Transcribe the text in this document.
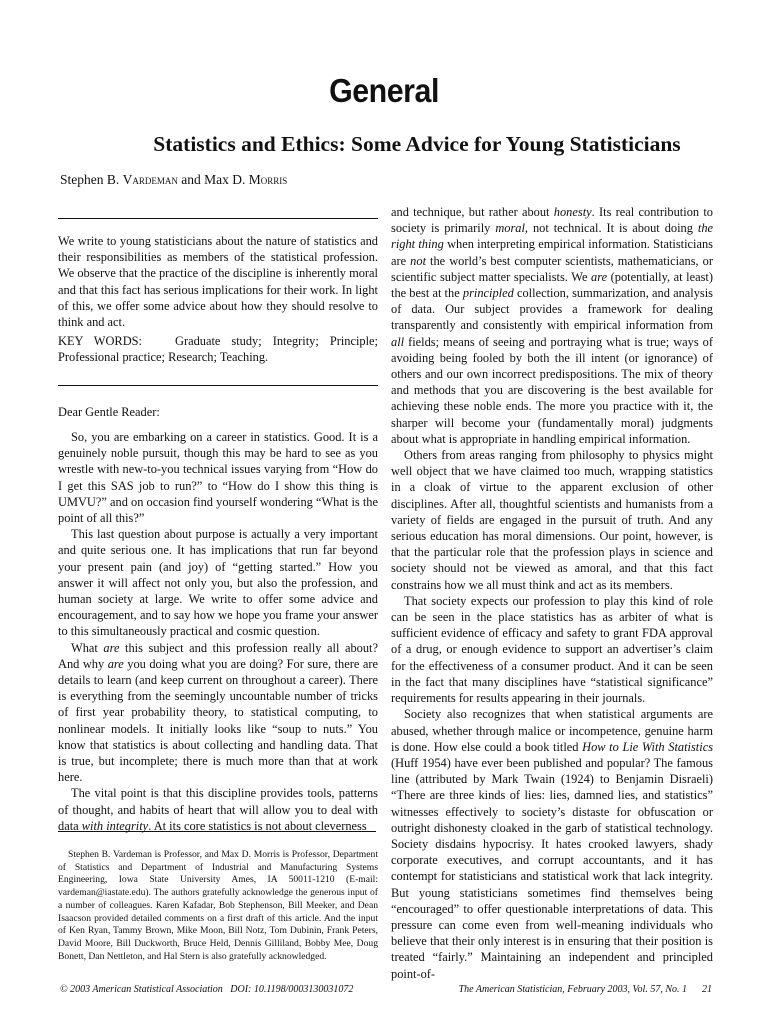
General
Statistics and Ethics: Some Advice for Young Statisticians
Stephen B. Vardeman and Max D. Morris

We write to young statisticians about the nature of statistics and their responsibilities as members of the statistical profession. We observe that the practice of the discipline is inherently moral and that this fact has serious implications for their work. In light of this, we offer some advice about how they should resolve to think and act.

KEY WORDS:   Graduate study; Integrity; Principle; Professional practice; Research; Teaching.

Dear Gentle Reader:

So, you are embarking on a career in statistics. Good. It is a genuinely noble pursuit, though this may be hard to see as you wrestle with new-to-you technical issues varying from “How do I get this SAS job to run?” to “How do I show this thing is UMVU?” and on occasion find yourself wondering “What is the point of all this?”

This last question about purpose is actually a very important and quite serious one. It has implications that run far beyond your present pain (and joy) of “getting started.” How you answer it will affect not only you, but also the profession, and human society at large. We write to offer some advice and encouragement, and to say how we hope you frame your answer to this simultaneously practical and cosmic question.

What are this subject and this profession really all about? And why are you doing what you are doing? For sure, there are details to learn (and keep current on throughout a career). There is everything from the seemingly uncountable number of tricks of first year probability theory, to statistical computing, to nonlinear models. It initially looks like “soup to nuts.” You know that statistics is about collecting and handling data. That is true, but incomplete; there is much more than that at work here.

The vital point is that this discipline provides tools, patterns of thought, and habits of heart that will allow you to deal with data with integrity. At its core statistics is not about cleverness

and technique, but rather about honesty. Its real contribution to society is primarily moral, not technical. It is about doing the right thing when interpreting empirical information. Statisticians are not the world’s best computer scientists, mathematicians, or scientific subject matter specialists. We are (potentially, at least) the best at the principled collection, summarization, and analysis of data. Our subject provides a framework for dealing transparently and consistently with empirical information from all fields; means of seeing and portraying what is true; ways of avoiding being fooled by both the ill intent (or ignorance) of others and our own incorrect predispositions. The mix of theory and methods that you are discovering is the best available for achieving these noble ends. The more you practice with it, the sharper will become your (fundamentally moral) judgments about what is appropriate in handling empirical information.

Others from areas ranging from philosophy to physics might well object that we have claimed too much, wrapping statistics in a cloak of virtue to the apparent exclusion of other disciplines. After all, thoughtful scientists and humanists from a variety of fields are engaged in the pursuit of truth. And any serious education has moral dimensions. Our point, however, is that the particular role that the profession plays in science and society should not be viewed as amoral, and that this fact constrains how we all must think and act as its members.

That society expects our profession to play this kind of role can be seen in the place statistics has as arbiter of what is sufficient evidence of efficacy and safety to grant FDA approval of a drug, or enough evidence to support an advertiser’s claim for the effectiveness of a consumer product. And it can be seen in the fact that many disciplines have “statistical significance” requirements for results appearing in their journals.

Society also recognizes that when statistical arguments are abused, whether through malice or incompetence, genuine harm is done. How else could a book titled How to Lie With Statistics (Huff 1954) have ever been published and popular? The famous line (attributed by Mark Twain (1924) to Benjamin Disraeli) “There are three kinds of lies: lies, damned lies, and statistics” witnesses effectively to society’s distaste for obfuscation or outright dishonesty cloaked in the garb of statistical technology. Society disdains hypocrisy. It hates crooked lawyers, shady corporate executives, and corrupt accountants, and it has contempt for statisticians and statistical work that lack integrity. But young statisticians sometimes find themselves being “encouraged” to offer questionable interpretations of data. This pressure can come even from well-meaning individuals who believe that their only interest is in ensuring that their position is treated “fairly.” Maintaining an independent and principled point-of-

Stephen B. Vardeman is Professor, and Max D. Morris is Professor, Department of Statistics and Department of Industrial and Manufacturing Systems Engineering, Iowa State University Ames, IA 50011-1210 (E-mail: vardeman@iastate.edu). The authors gratefully acknowledge the generous input of a number of colleagues. Karen Kafadar, Bob Stephenson, Bill Meeker, and Dean Isaacson provided detailed comments on a first draft of this article. And the input of Ken Ryan, Tammy Brown, Mike Moon, Bill Notz, Tom Dubinin, Frank Peters, David Moore, Bill Duckworth, Bruce Held, Dennis Gilliland, Bobby Mee, Doug Bonett, Dan Nettleton, and Hal Stern is also gratefully acknowledged.
© 2003 American Statistical Association   DOI: 10.1198/0003130031072	The American Statistician, February 2003, Vol. 57, No. 1      21
